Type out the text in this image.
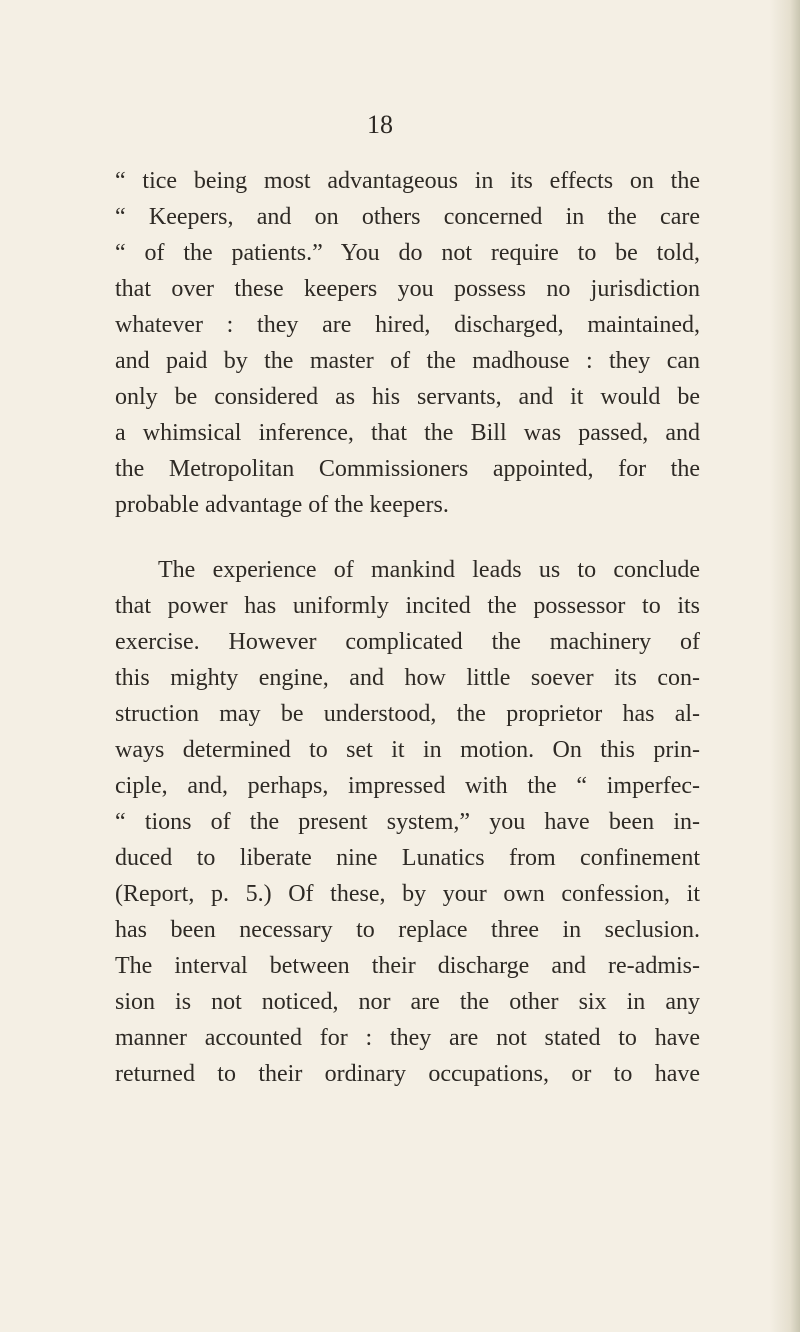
18
“ tice being most advantageous in its effects on the
“ Keepers, and on others concerned in the care
“ of the patients.” You do not require to be told,
that over these keepers you possess no jurisdiction
whatever : they are hired, discharged, maintained,
and paid by the master of the madhouse : they can
only be considered as his servants, and it would be
a whimsical inference, that the Bill was passed, and
the Metropolitan Commissioners appointed, for the
probable advantage of the keepers.
The experience of mankind leads us to conclude
that power has uniformly incited the possessor to its
exercise. However complicated the machinery of
this mighty engine, and how little soever its con-
struction may be understood, the proprietor has al-
ways determined to set it in motion. On this prin-
ciple, and, perhaps, impressed with the “ imperfec-
“ tions of the present system,” you have been in-
duced to liberate nine Lunatics from confinement
(Report, p. 5.) Of these, by your own confession, it
has been necessary to replace three in seclusion.
The interval between their discharge and re-admis-
sion is not noticed, nor are the other six in any
manner accounted for : they are not stated to have
returned to their ordinary occupations, or to have
